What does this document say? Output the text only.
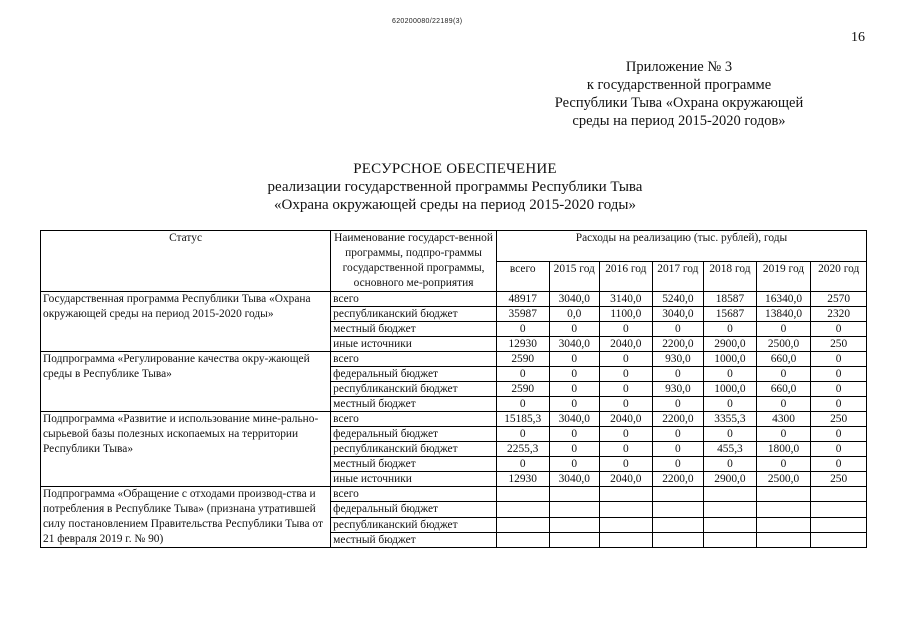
620200080/22189(3)
16
Приложение № 3
к государственной программе
Республики Тыва «Охрана окружающей
среды на период 2015-2020 годов»
РЕСУРСНОЕ ОБЕСПЕЧЕНИЕ
реализации государственной программы Республики Тыва
«Охрана окружающей среды на период 2015-2020 годы»
Статус	Наименование государст-венной программы, подпро-граммы государственной программы, основного ме-роприятия	Расходы на реализацию (тыс. рублей), годы						
		всего	2015 год	2016 год	2017 год	2018 год	2019 год	2020 год
Государственная программа Республики Тыва «Охрана окружающей среды на период 2015-2020 годы»	всего	48917	3040,0	3140,0	5240,0	18587	16340,0	2570
	республиканский бюджет	35987	0,0	1100,0	3040,0	15687	13840,0	2320
	местный бюджет	0	0	0	0	0	0	0
	иные источники	12930	3040,0	2040,0	2200,0	2900,0	2500,0	250
Подпрограмма «Регулирование качества окру-жающей среды в Республике Тыва»	всего	2590	0	0	930,0	1000,0	660,0	0
	федеральный бюджет	0	0	0	0	0	0	0
	республиканский бюджет	2590	0	0	930,0	1000,0	660,0	0
	местный бюджет	0	0	0	0	0	0	0
Подпрограмма «Развитие и использование мине-рально-сырьевой базы полезных ископаемых на территории Республики Тыва»	всего	15185,3	3040,0	2040,0	2200,0	3355,3	4300	250
	федеральный бюджет	0	0	0	0	0	0	0
	республиканский бюджет	2255,3	0	0	0	455,3	1800,0	0
	местный бюджет	0	0	0	0	0	0	0
	иные источники	12930	3040,0	2040,0	2200,0	2900,0	2500,0	250
Подпрограмма «Обращение с отходами производ-ства и потребления в Республике Тыва» (признана утратившей силу постановлением Правительства Республики Тыва от 21 февраля 2019 г. № 90)	всего							
	федеральный бюджет							
	республиканский бюджет							
	местный бюджет							
